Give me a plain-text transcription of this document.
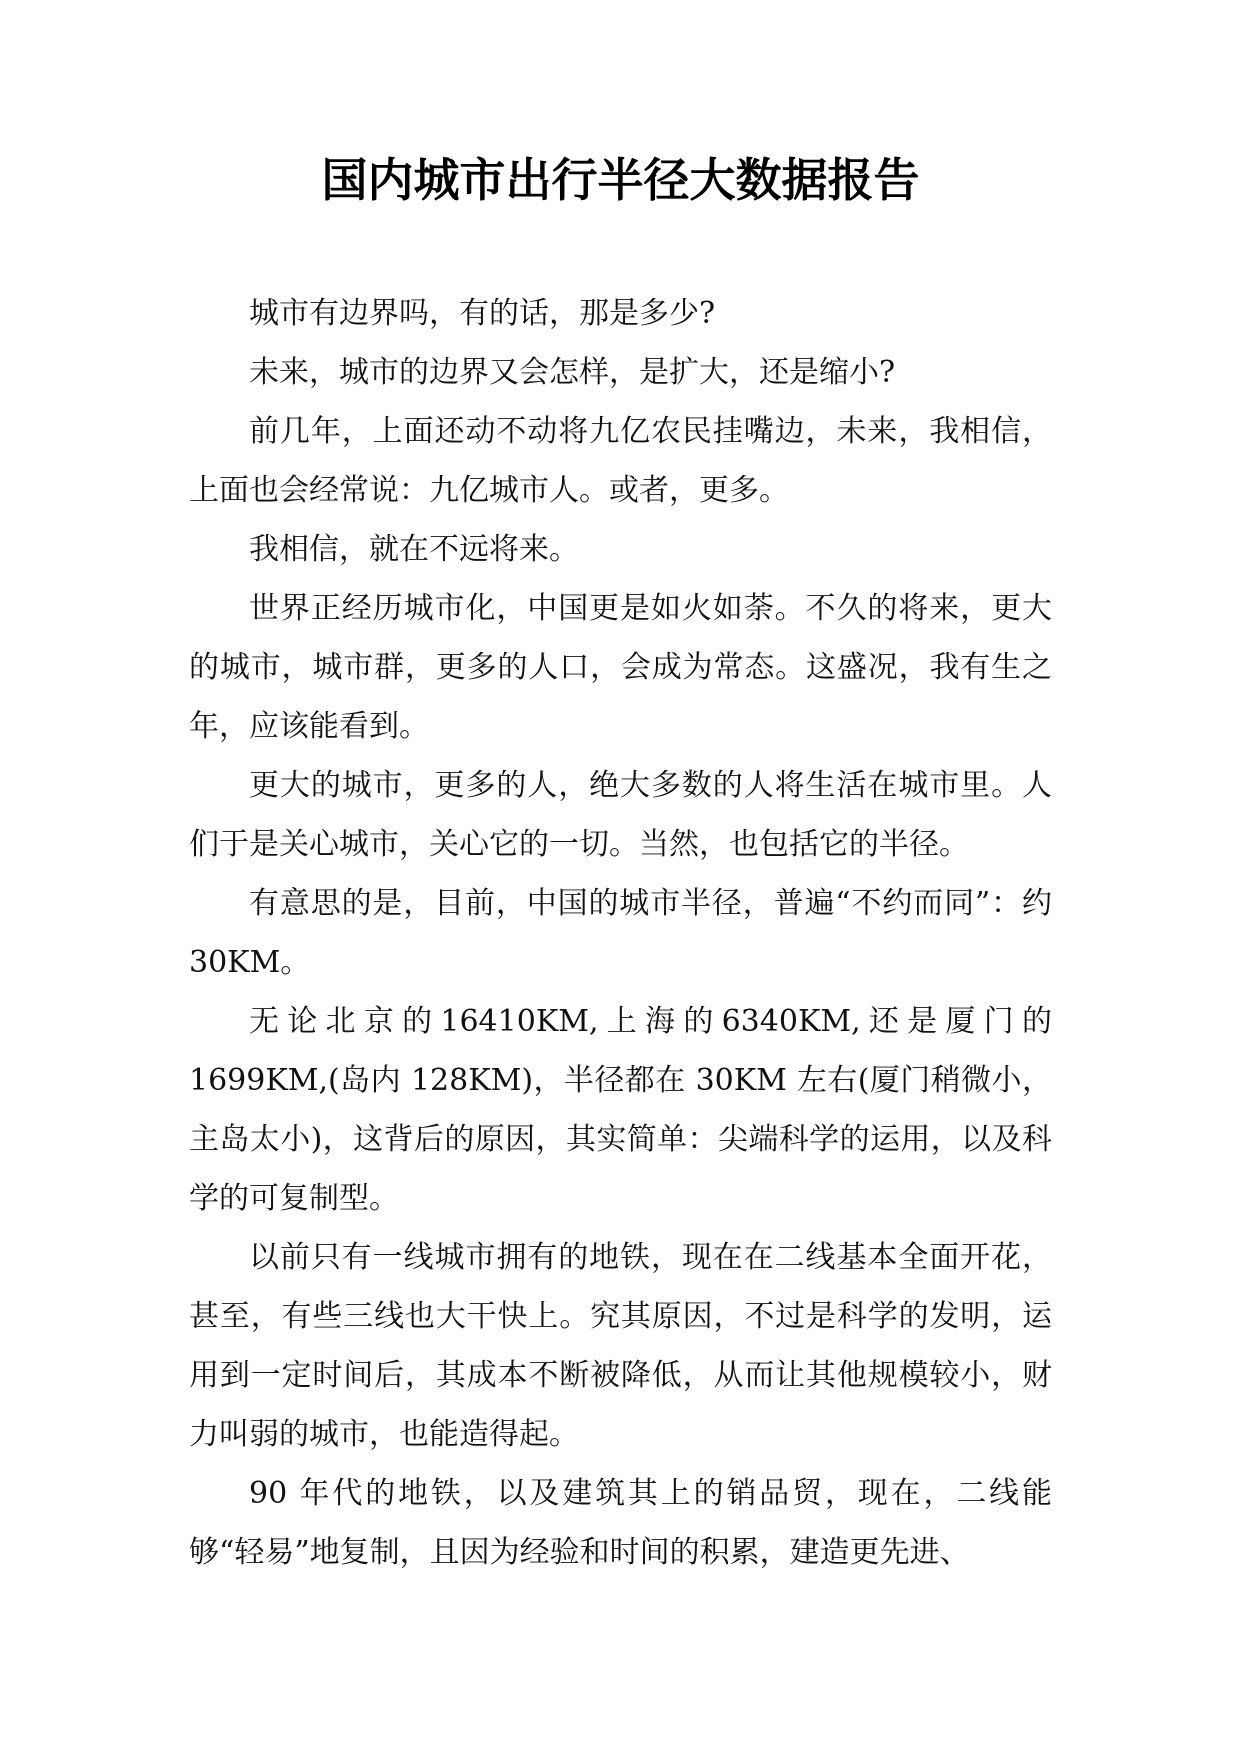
国内城市出行半径大数据报告

城市有边界吗，有的话，那是多少?

未来，城市的边界又会怎样，是扩大，还是缩小?

前几年，上面还动不动将九亿农民挂嘴边，未来，我相信，上面也会经常说：九亿城市人。或者，更多。

我相信，就在不远将来。

世界正经历城市化，中国更是如火如荼。不久的将来，更大的城市，城市群，更多的人口，会成为常态。这盛况，我有生之年，应该能看到。

更大的城市，更多的人，绝大多数的人将生活在城市里。人们于是关心城市，关心它的一切。当然，也包括它的半径。

有意思的是，目前，中国的城市半径，普遍“不约而同”：约 30KM。

无论北京的16410KM,上海的6340KM,还是厦门的1699KM,(岛内 128KM)，半径都在 30KM 左右(厦门稍微小，主岛太小)，这背后的原因，其实简单：尖端科学的运用，以及科学的可复制型。

以前只有一线城市拥有的地铁，现在在二线基本全面开花，甚至，有些三线也大干快上。究其原因，不过是科学的发明，运用到一定时间后，其成本不断被降低，从而让其他规模较小，财力叫弱的城市，也能造得起。

90 年代的地铁，以及建筑其上的销品贸，现在，二线能够“轻易”地复制，且因为经验和时间的积累，建造更先进、
